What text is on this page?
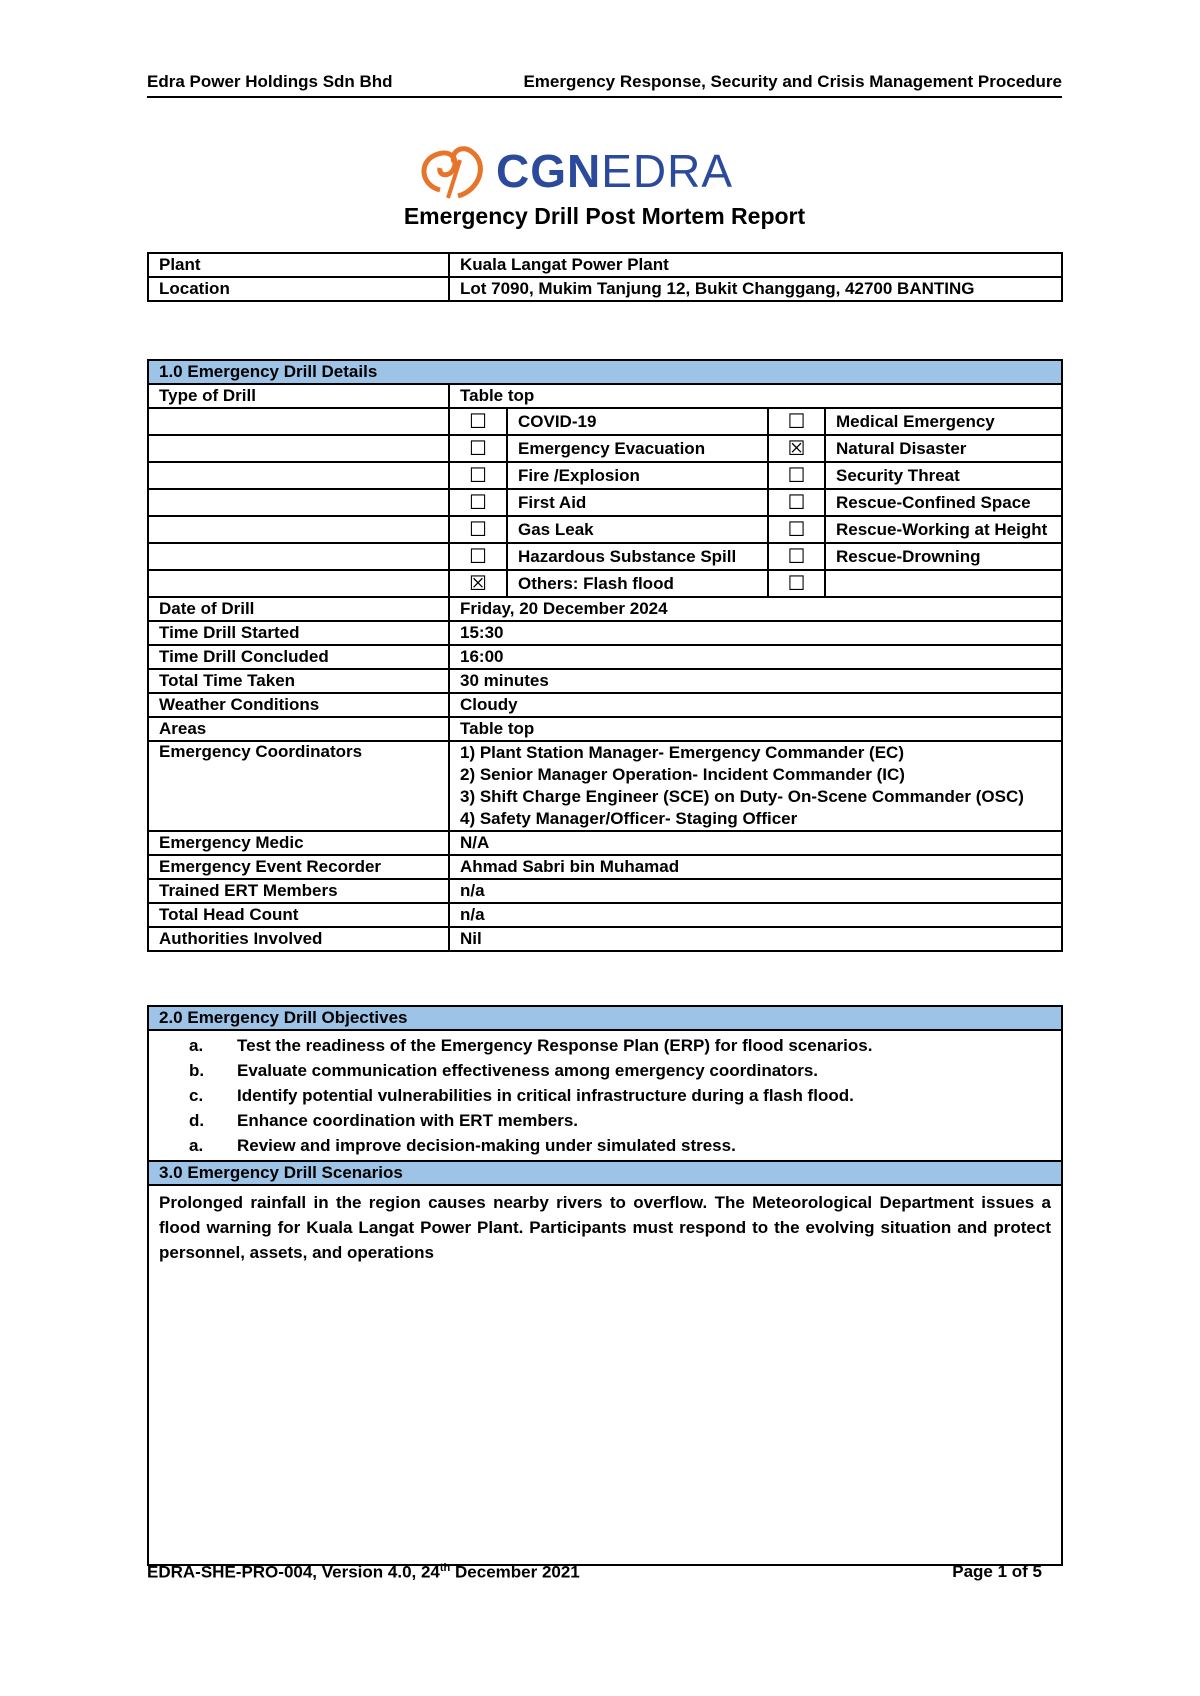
Edra Power Holdings Sdn Bhd	Emergency Response, Security and Crisis Management Procedure
CGNEDRA
Emergency Drill Post Mortem Report
Plant	Kuala Langat Power Plant
Location	Lot 7090, Mukim Tanjung 12, Bukit Changgang, 42700 BANTING
1.0 Emergency Drill Details				
Type of Drill	Table top			
	☐	COVID-19	☐	Medical Emergency
	☐	Emergency Evacuation	☒	Natural Disaster
	☐	Fire /Explosion	☐	Security Threat
	☐	First Aid	☐	Rescue-Confined Space
	☐	Gas Leak	☐	Rescue-Working at Height
	☐	Hazardous Substance Spill	☐	Rescue-Drowning
	☒	Others: Flash flood	☐	
Date of Drill	Friday, 20 December 2024			
Time Drill Started	15:30			
Time Drill Concluded	16:00			
Total Time Taken	30 minutes			
Weather Conditions	Cloudy			
Areas	Table top			
Emergency Coordinators	1) Plant Station Manager- Emergency Commander (EC)
2) Senior Manager Operation- Incident Commander (IC)
3) Shift Charge Engineer (SCE) on Duty- On-Scene Commander (OSC)
4) Safety Manager/Officer- Staging Officer			

Emergency Medic	N/A			
Emergency Event Recorder	Ahmad Sabri bin Muhamad			
Trained ERT Members	n/a			
Total Head Count	n/a			
Authorities Involved	Nil			
2.0 Emergency Drill Objectives

a.	Test the readiness of the Emergency Response Plan (ERP) for flood scenarios.
b.	Evaluate communication effectiveness among emergency coordinators.
c.	Identify potential vulnerabilities in critical infrastructure during a flash flood.
d.	Enhance coordination with ERT members.
a.	Review and improve decision-making under simulated stress.

3.0 Emergency Drill Scenarios
Prolonged rainfall in the region causes nearby rivers to overflow. The Meteorological Department issues a flood warning for Kuala Langat Power Plant. Participants must respond to the evolving situation and protect personnel, assets, and operations
EDRA-SHE-PRO-004, Version 4.0, 24th December 2021	Page 1 of 5
